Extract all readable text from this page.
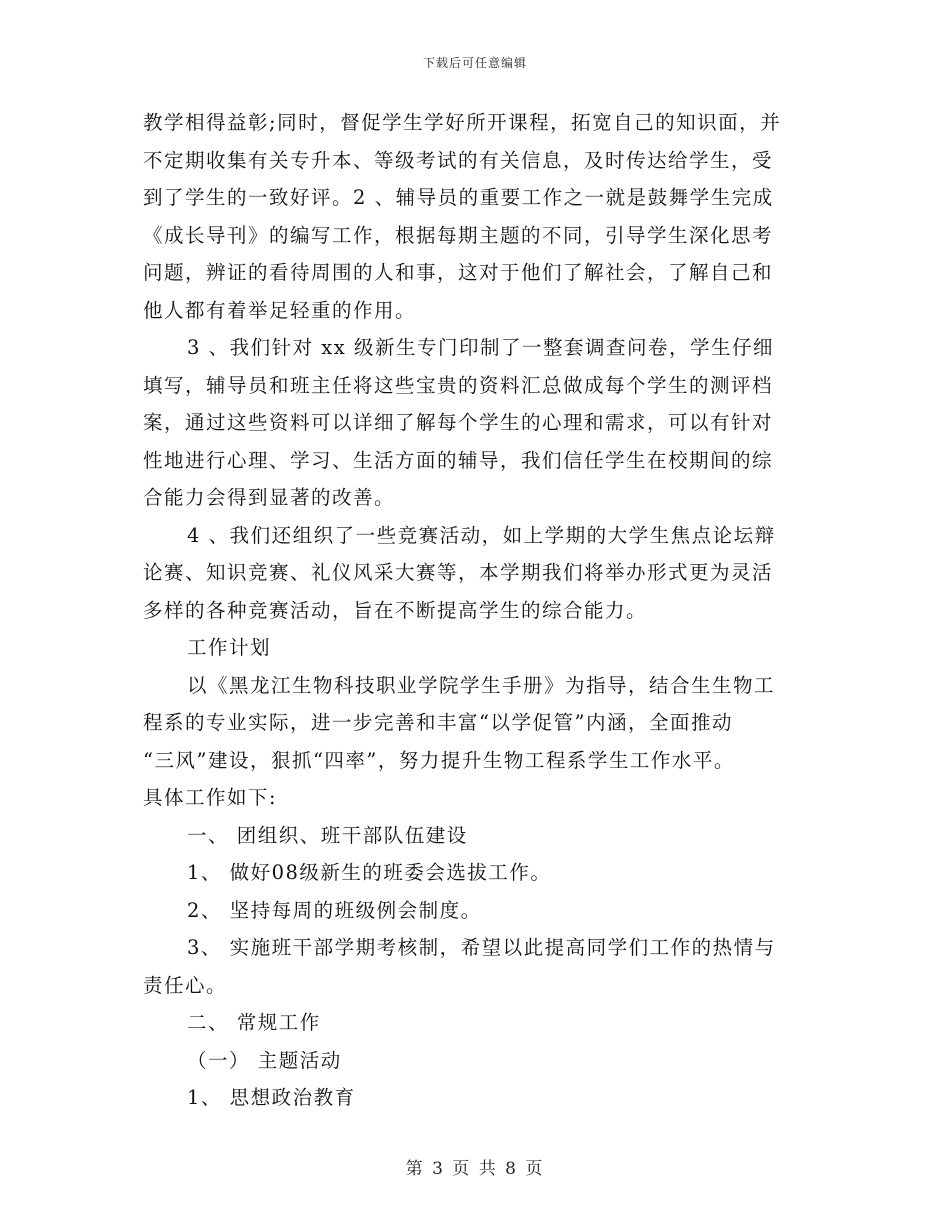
下载后可任意编辑

教学相得益彰;同时，督促学生学好所开课程，拓宽自己的知识面，并

不定期收集有关专升本、等级考试的有关信息，及时传达给学生，受

到了学生的一致好评。2 、辅导员的重要工作之一就是鼓舞学生完成

《成长导刊》的编写工作，根据每期主题的不同，引导学生深化思考

问题，辨证的看待周围的人和事，这对于他们了解社会，了解自己和

他人都有着举足轻重的作用。

3 、我们针对 xx 级新生专门印制了一整套调查问卷，学生仔细

填写，辅导员和班主任将这些宝贵的资料汇总做成每个学生的测评档

案，通过这些资料可以详细了解每个学生的心理和需求，可以有针对

性地进行心理、学习、生活方面的辅导，我们信任学生在校期间的综

合能力会得到显著的改善。

4 、我们还组织了一些竞赛活动，如上学期的大学生焦点论坛辩

论赛、知识竞赛、礼仪风采大赛等，本学期我们将举办形式更为灵活

多样的各种竞赛活动，旨在不断提高学生的综合能力。

工作计划

以《黑龙江生物科技职业学院学生手册》为指导，结合生生物工

程系的专业实际，进一步完善和丰富“以学促管”内涵，全面推动

“三风”建设，狠抓“四率”，努力提升生物工程系学生工作水平。

具体工作如下:

一、 团组织、班干部队伍建设

1、 做好08级新生的班委会选拔工作。

2、 坚持每周的班级例会制度。

3、 实施班干部学期考核制，希望以此提高同学们工作的热情与

责任心。

二、 常规工作

（一） 主题活动

1、 思想政治教育

第 3 页 共 8 页
